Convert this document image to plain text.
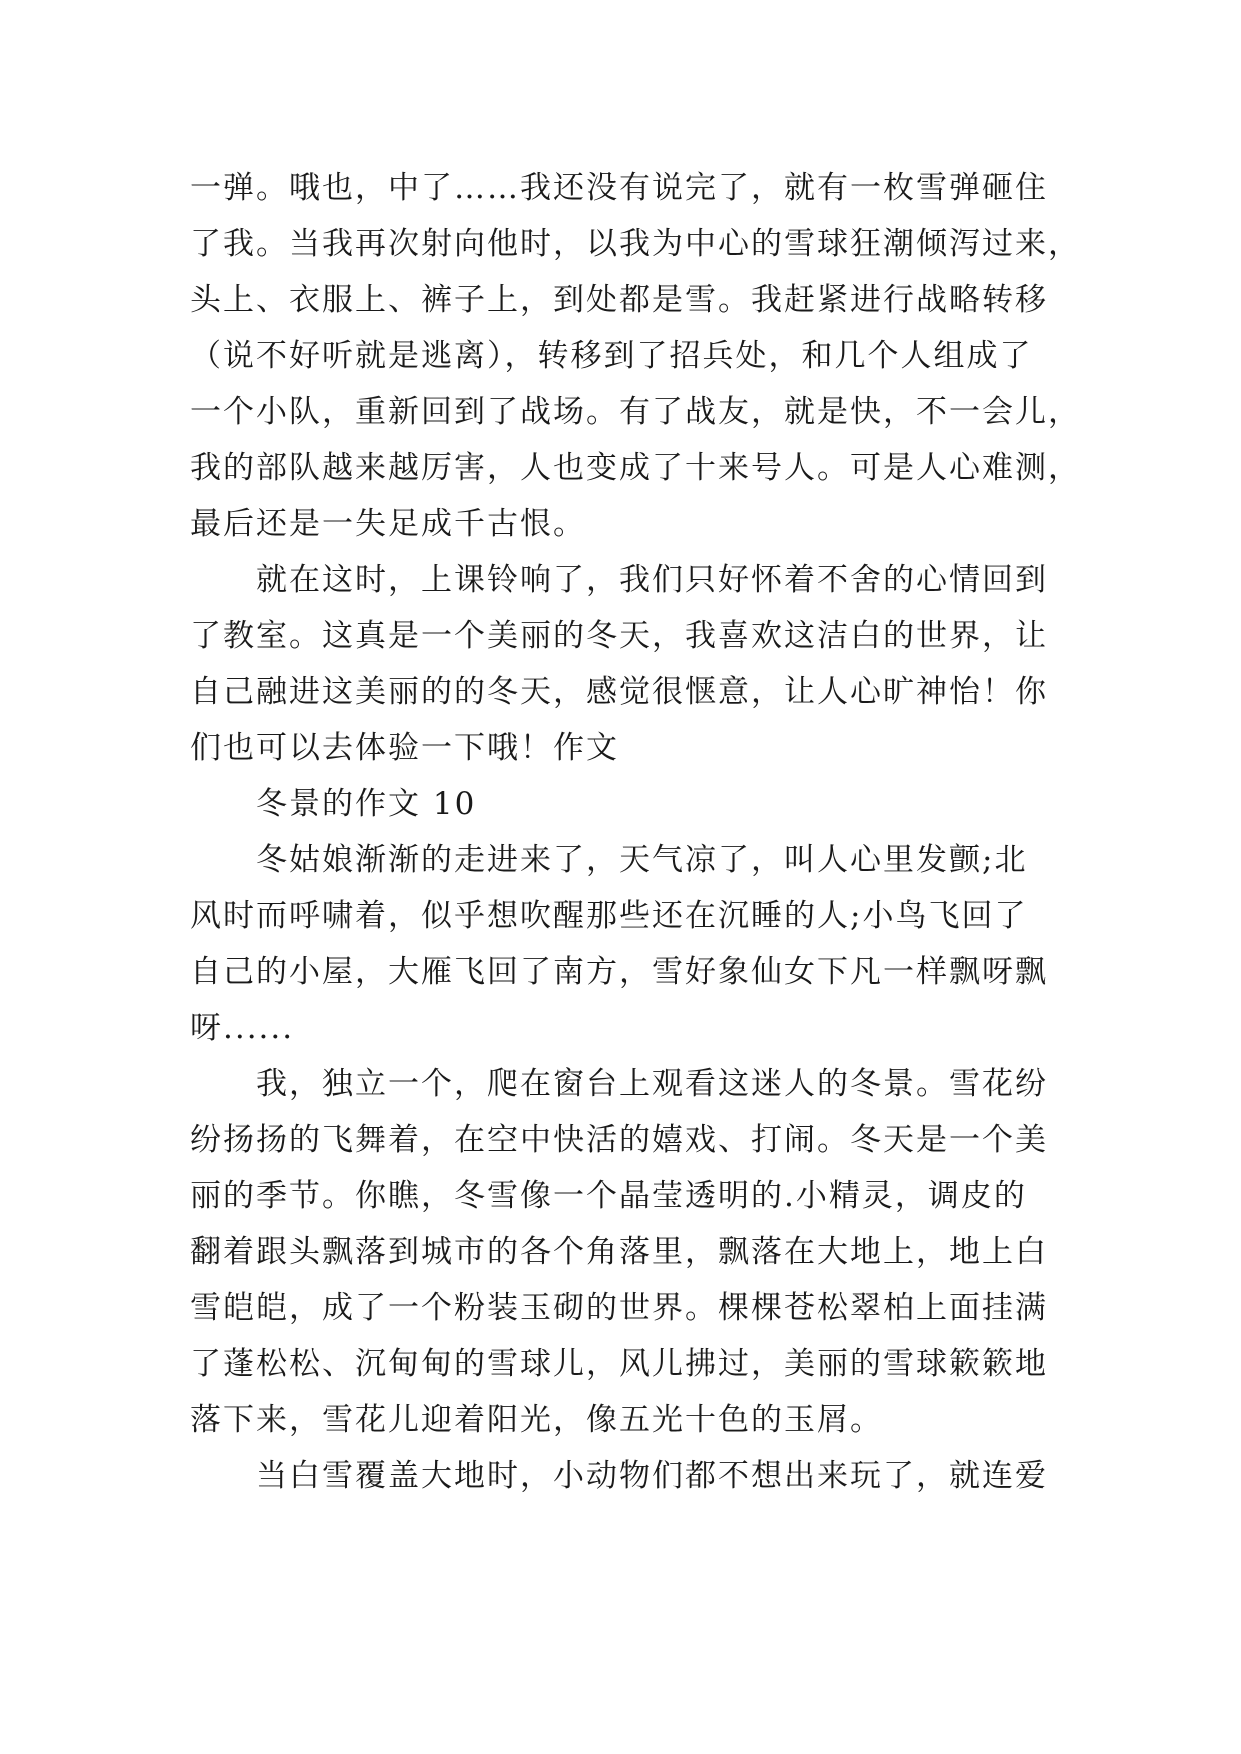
一弹。哦也，中了……我还没有说完了，就有一枚雪弹砸住
了我。当我再次射向他时，以我为中心的雪球狂潮倾泻过来，
头上、衣服上、裤子上，到处都是雪。我赶紧进行战略转移
（说不好听就是逃离），转移到了招兵处，和几个人组成了
一个小队，重新回到了战场。有了战友，就是快，不一会儿，
我的部队越来越厉害，人也变成了十来号人。可是人心难测，
最后还是一失足成千古恨。
就在这时，上课铃响了，我们只好怀着不舍的心情回到
了教室。这真是一个美丽的冬天，我喜欢这洁白的世界，让
自己融进这美丽的的冬天，感觉很惬意，让人心旷神怡！你
们也可以去体验一下哦！作文
冬景的作文 10
冬姑娘渐渐的走进来了，天气凉了，叫人心里发颤;北
风时而呼啸着，似乎想吹醒那些还在沉睡的人;小鸟飞回了
自己的小屋，大雁飞回了南方，雪好象仙女下凡一样飘呀飘
呀......
我，独立一个，爬在窗台上观看这迷人的冬景。雪花纷
纷扬扬的飞舞着，在空中快活的嬉戏、打闹。冬天是一个美
丽的季节。你瞧，冬雪像一个晶莹透明的.小精灵，调皮的
翻着跟头飘落到城市的各个角落里，飘落在大地上，地上白
雪皑皑，成了一个粉装玉砌的世界。棵棵苍松翠柏上面挂满
了蓬松松、沉甸甸的雪球儿，风儿拂过，美丽的雪球簌簌地
落下来，雪花儿迎着阳光，像五光十色的玉屑。
当白雪覆盖大地时，小动物们都不想出来玩了，就连爱
